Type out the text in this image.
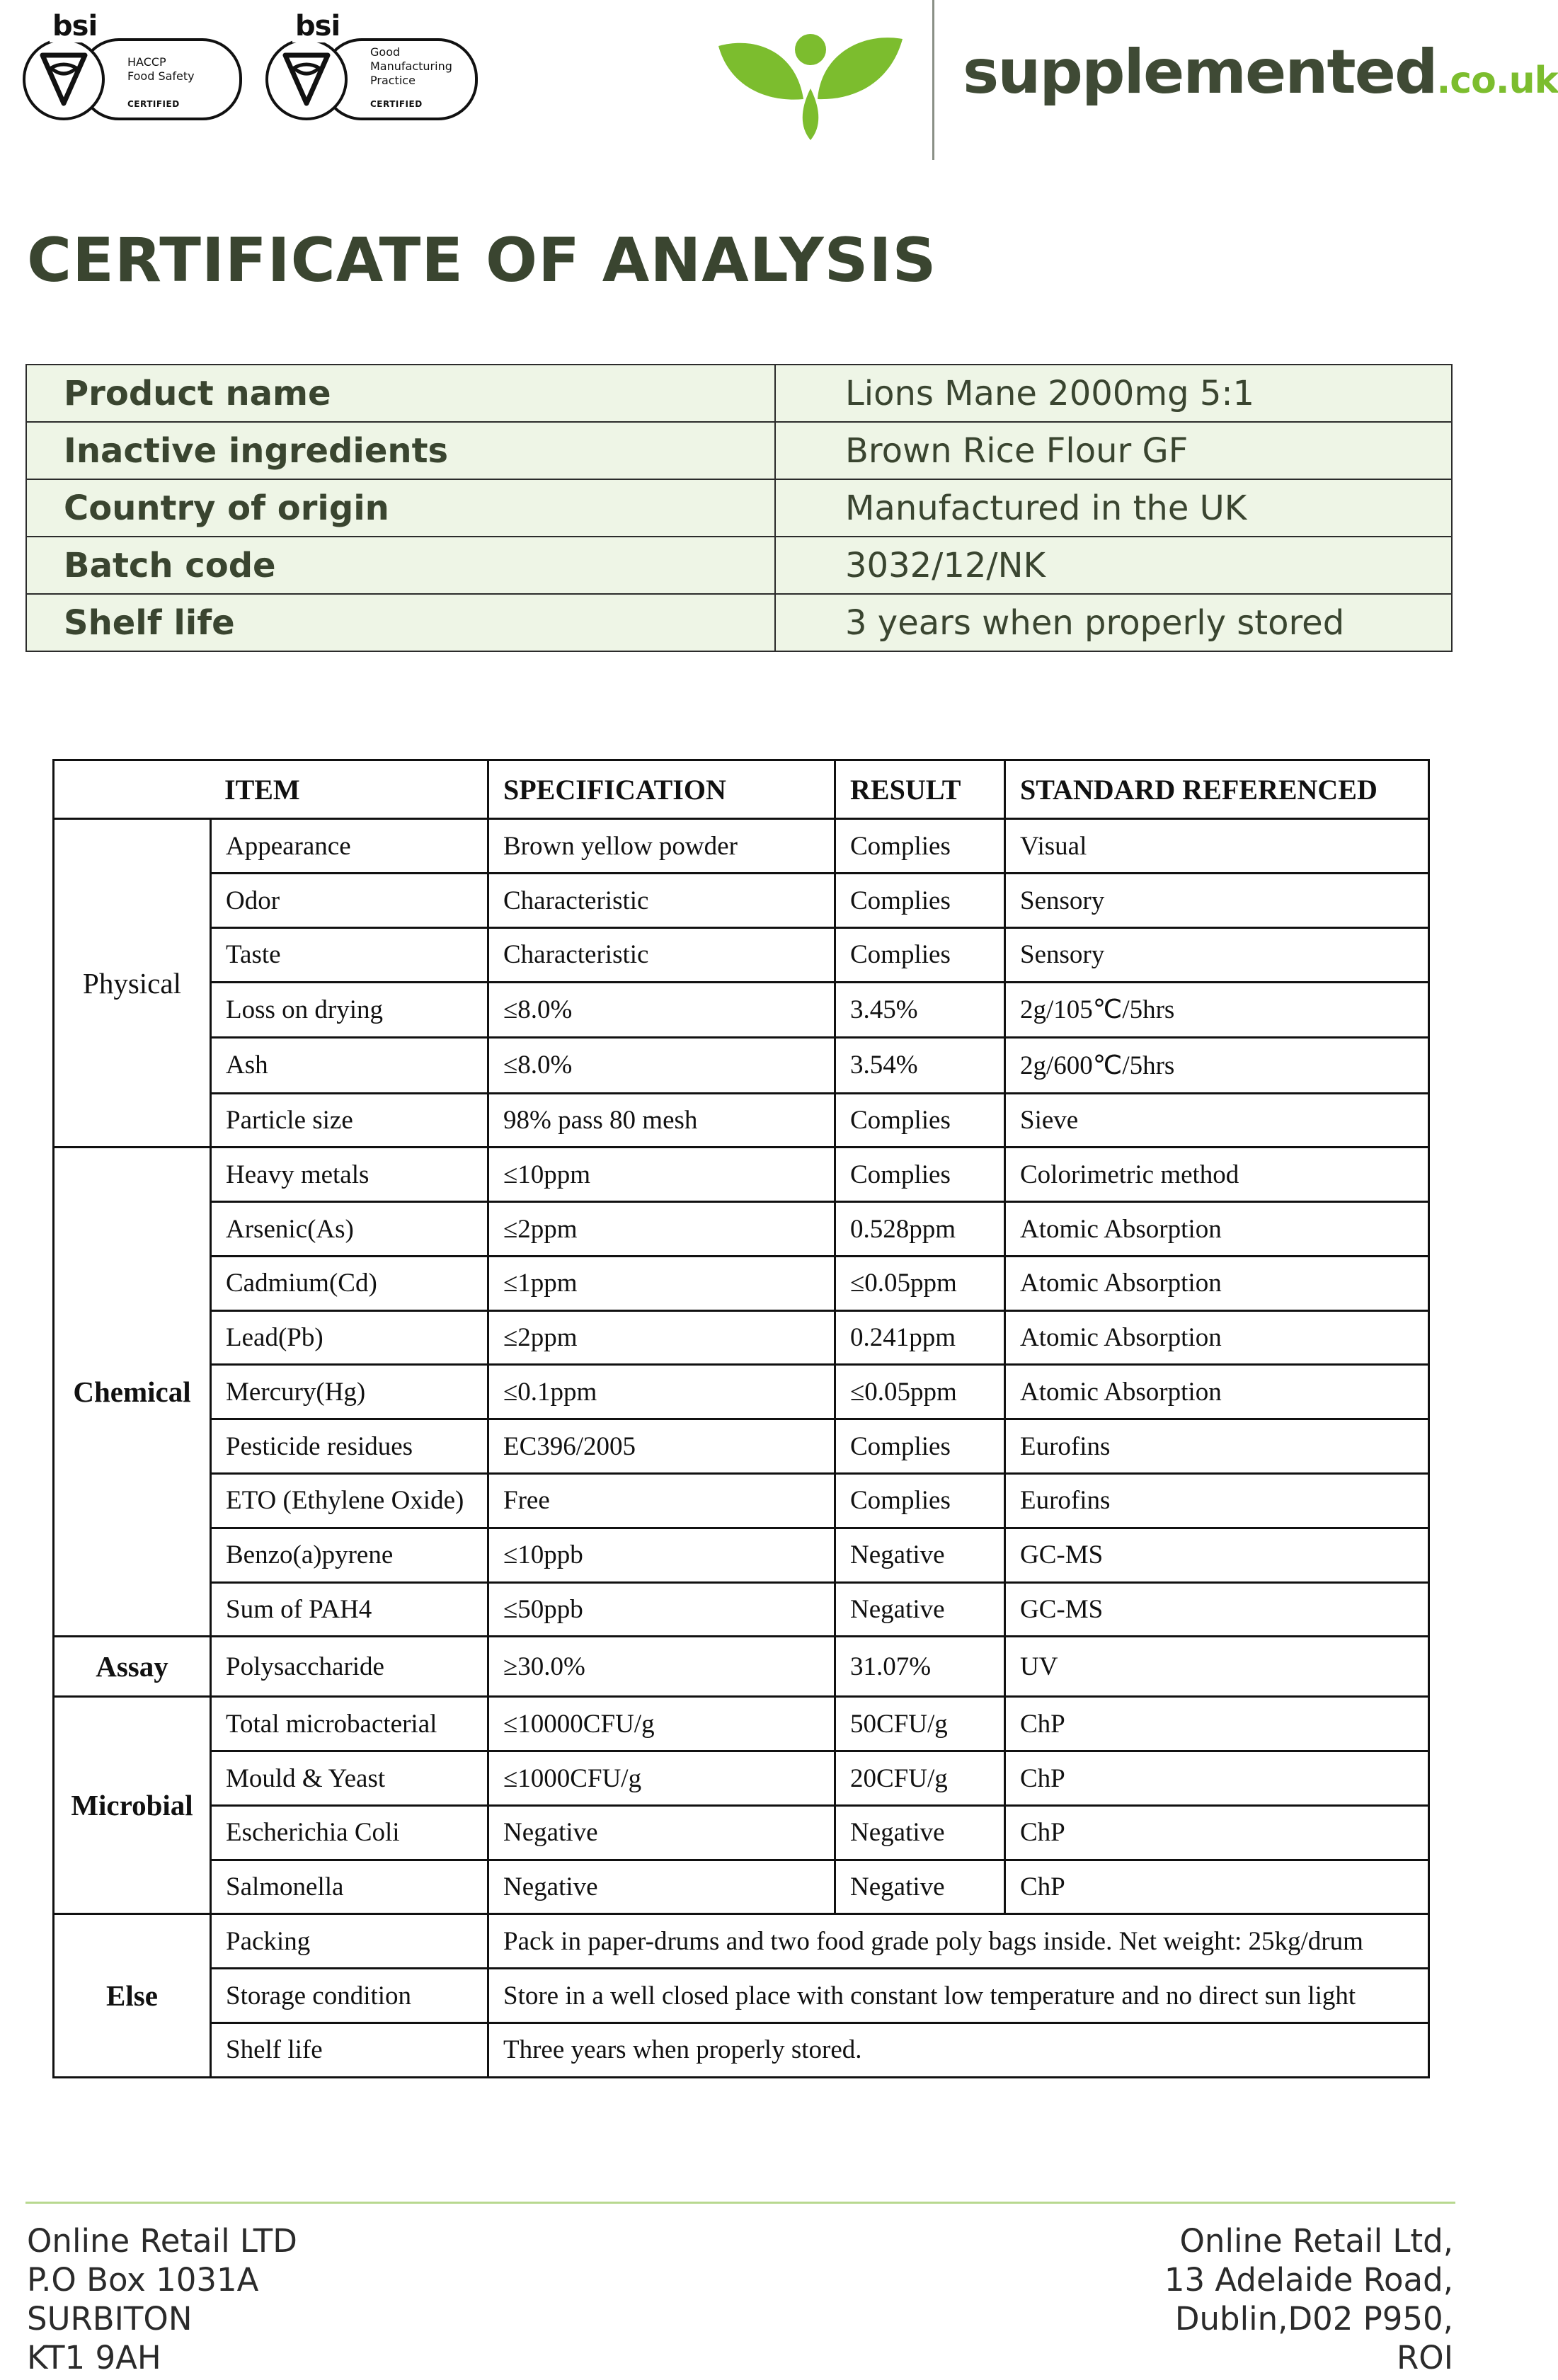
bsi
HACCP
Food Safety
CERTIFIED
bsi
Good
Manufacturing
Practice
CERTIFIED	supplemented.co.uk
CERTIFICATE OF ANALYSIS
Product name	Lions Mane 2000mg 5:1
Inactive ingredients	Brown Rice Flour GF
Country of origin	Manufactured in the UK
Batch code	3032/12/NK
Shelf life	3 years when properly stored
ITEM		SPECIFICATION	RESULT	STANDARD REFERENCED
Physical	Appearance	Brown yellow powder	Complies	Visual
	Odor	Characteristic	Complies	Sensory
	Taste	Characteristic	Complies	Sensory
	Loss on drying	≤8.0%	3.45%	2g/105℃/5hrs
	Ash	≤8.0%	3.54%	2g/600℃/5hrs
	Particle size	98% pass 80 mesh	Complies	Sieve
Chemical	Heavy metals	≤10ppm	Complies	Colorimetric method
	Arsenic(As)	≤2ppm	0.528ppm	Atomic Absorption
	Cadmium(Cd)	≤1ppm	≤0.05ppm	Atomic Absorption
	Lead(Pb)	≤2ppm	0.241ppm	Atomic Absorption
	Mercury(Hg)	≤0.1ppm	≤0.05ppm	Atomic Absorption
	Pesticide residues	EC396/2005	Complies	Eurofins
	ETO (Ethylene Oxide)	Free	Complies	Eurofins
	Benzo(a)pyrene	≤10ppb	Negative	GC-MS
	Sum of PAH4	≤50ppb	Negative	GC-MS
Assay	Polysaccharide	≥30.0%	31.07%	UV
Microbial	Total microbacterial	≤10000CFU/g	50CFU/g	ChP
	Mould & Yeast	≤1000CFU/g	20CFU/g	ChP
	Escherichia Coli	Negative	Negative	ChP
	Salmonella	Negative	Negative	ChP
Else	Packing	Pack in paper-drums and two food grade poly bags inside. Net weight: 25kg/drum		
	Storage condition	Store in a well closed place with constant low temperature and no direct sun light		
	Shelf life	Three years when properly stored.		
Online Retail LTD
P.O Box 1031A
SURBITON
KT1 9AH
Online Retail Ltd,
13 Adelaide Road,
Dublin,D02 P950,
ROI
